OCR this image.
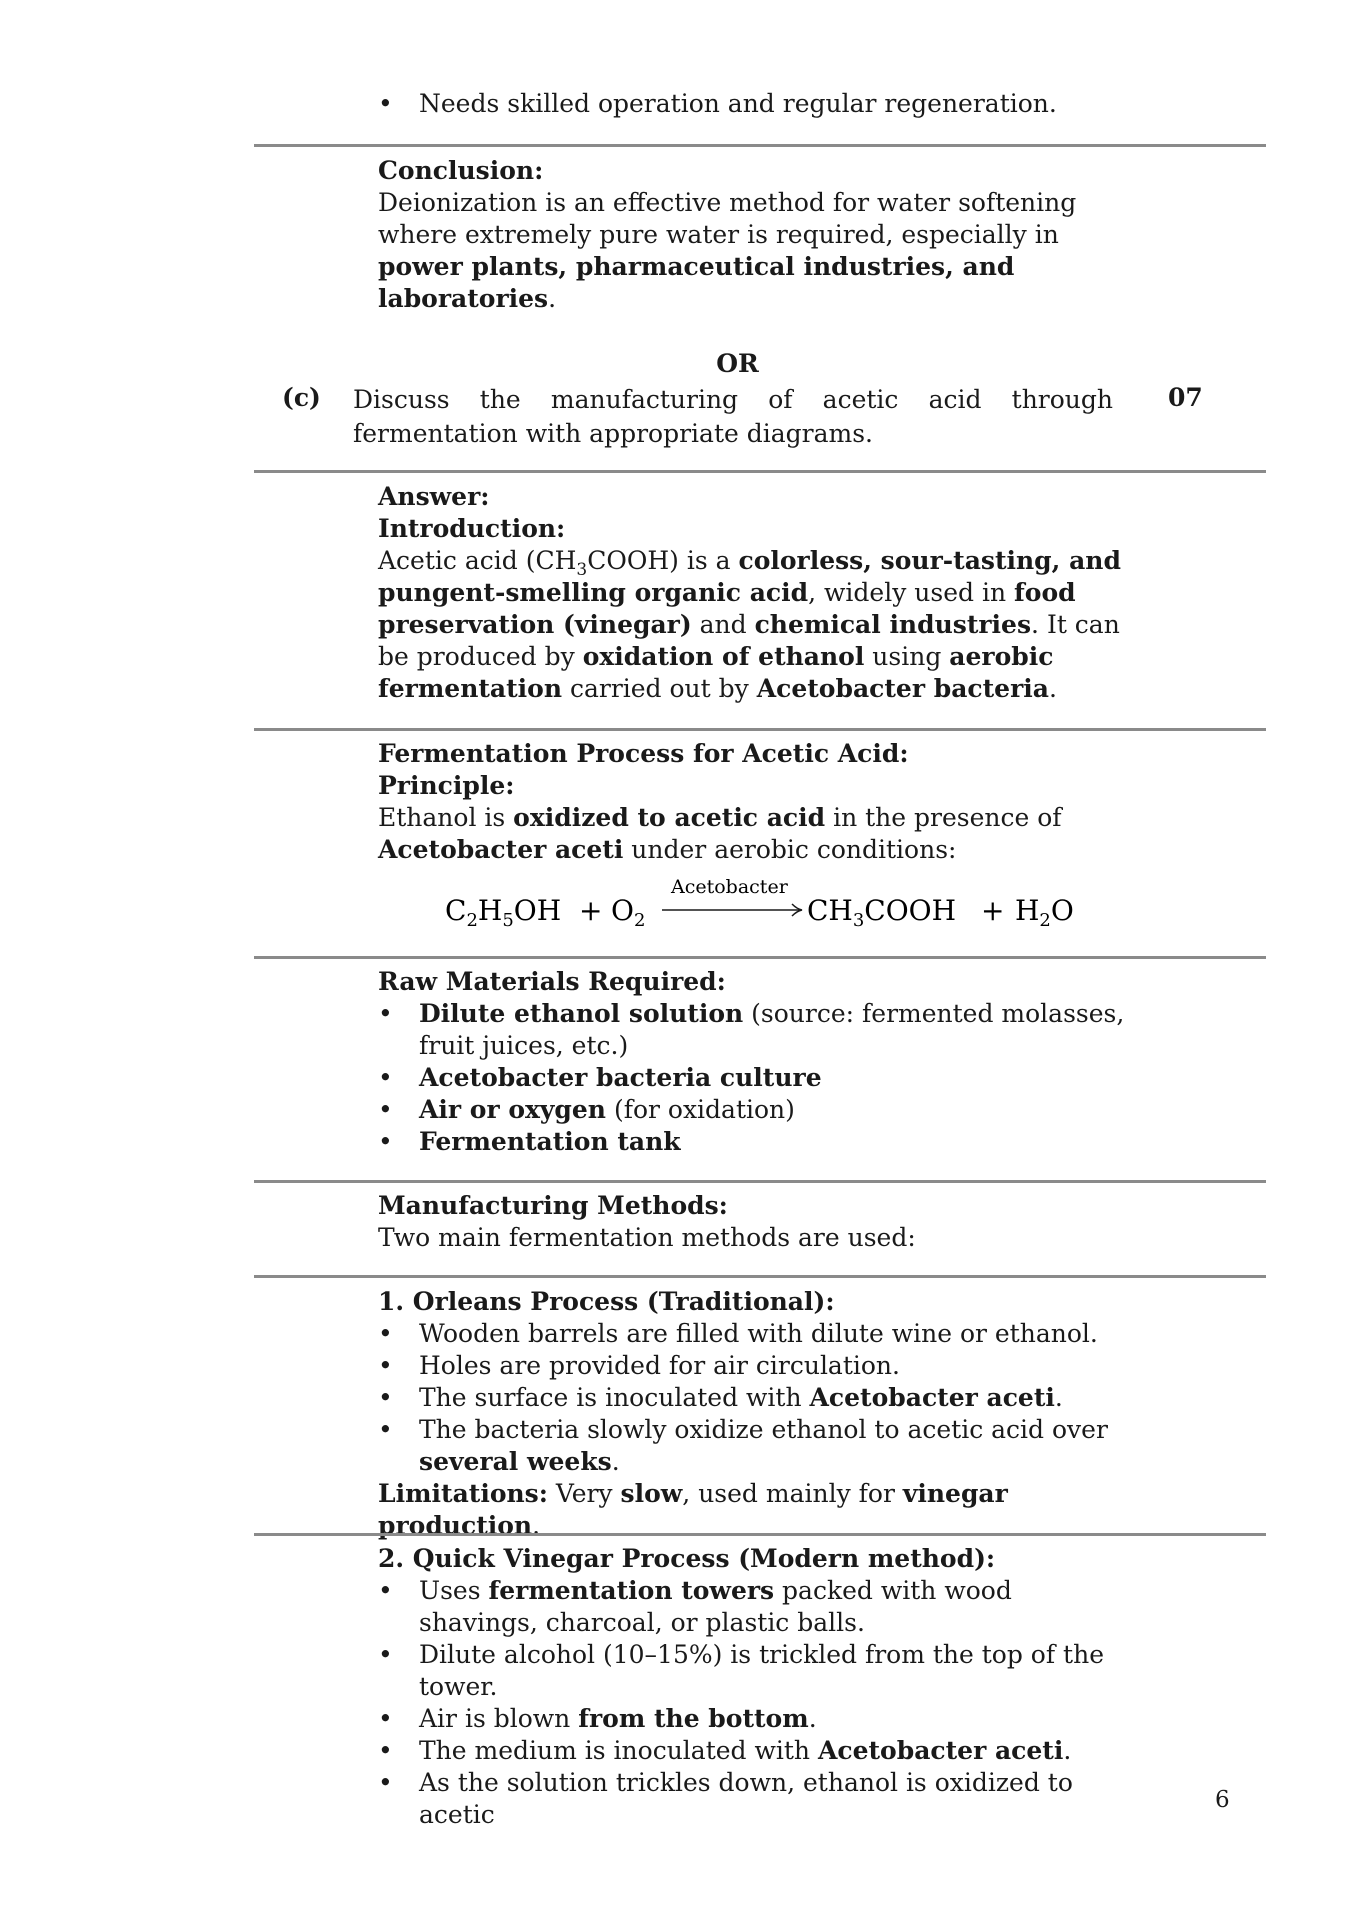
• Needs skilled operation and regular regeneration.
Conclusion:

Deionization is an effective method for water softening where extremely pure water is required, especially in power plants, pharmaceutical industries, and laboratories.

OR
(c) Discuss the manufacturing of acetic acid through fermentation with appropriate diagrams.
07
Answer:
Introduction:

Acetic acid $(CH_3COOH)$ is a colorless, sour-tasting, and pungent-smelling organic acid, widely used in food preservation (vinegar) and chemical industries. It can be produced by oxidation of ethanol using aerobic fermentation carried out by Acetobacter bacteria.

Fermentation Process for Acetic Acid:
Principle:

Ethanol is oxidized to acetic acid in the presence of Acetobacter aceti under aerobic conditions:

Acetobacter
$C_2H_5OH + O_2$	$CH_3COOH + H_2O$
Raw Materials Required:
• Dilute ethanol solution (source: fermented molasses, fruit juices, etc.)
• Acetobacter bacteria culture
• Air or oxygen (for oxidation)
• Fermentation tank
Manufacturing Methods:

Two main fermentation methods are used:

1. Orleans Process (Traditional):
• Wooden barrels are filled with dilute wine or ethanol.
• Holes are provided for air circulation.
• The surface is inoculated with Acetobacter aceti.
• The bacteria slowly oxidize ethanol to acetic acid over several weeks.

Limitations: Very slow, used mainly for vinegar production.

2. Quick Vinegar Process (Modern method):
• Uses fermentation towers packed with wood shavings, charcoal, or plastic balls.
• Dilute alcohol (10–15%) is trickled from the top of the tower.
• Air is blown from the bottom.
• The medium is inoculated with Acetobacter aceti.
• As the solution trickles down, ethanol is oxidized to acetic	6
